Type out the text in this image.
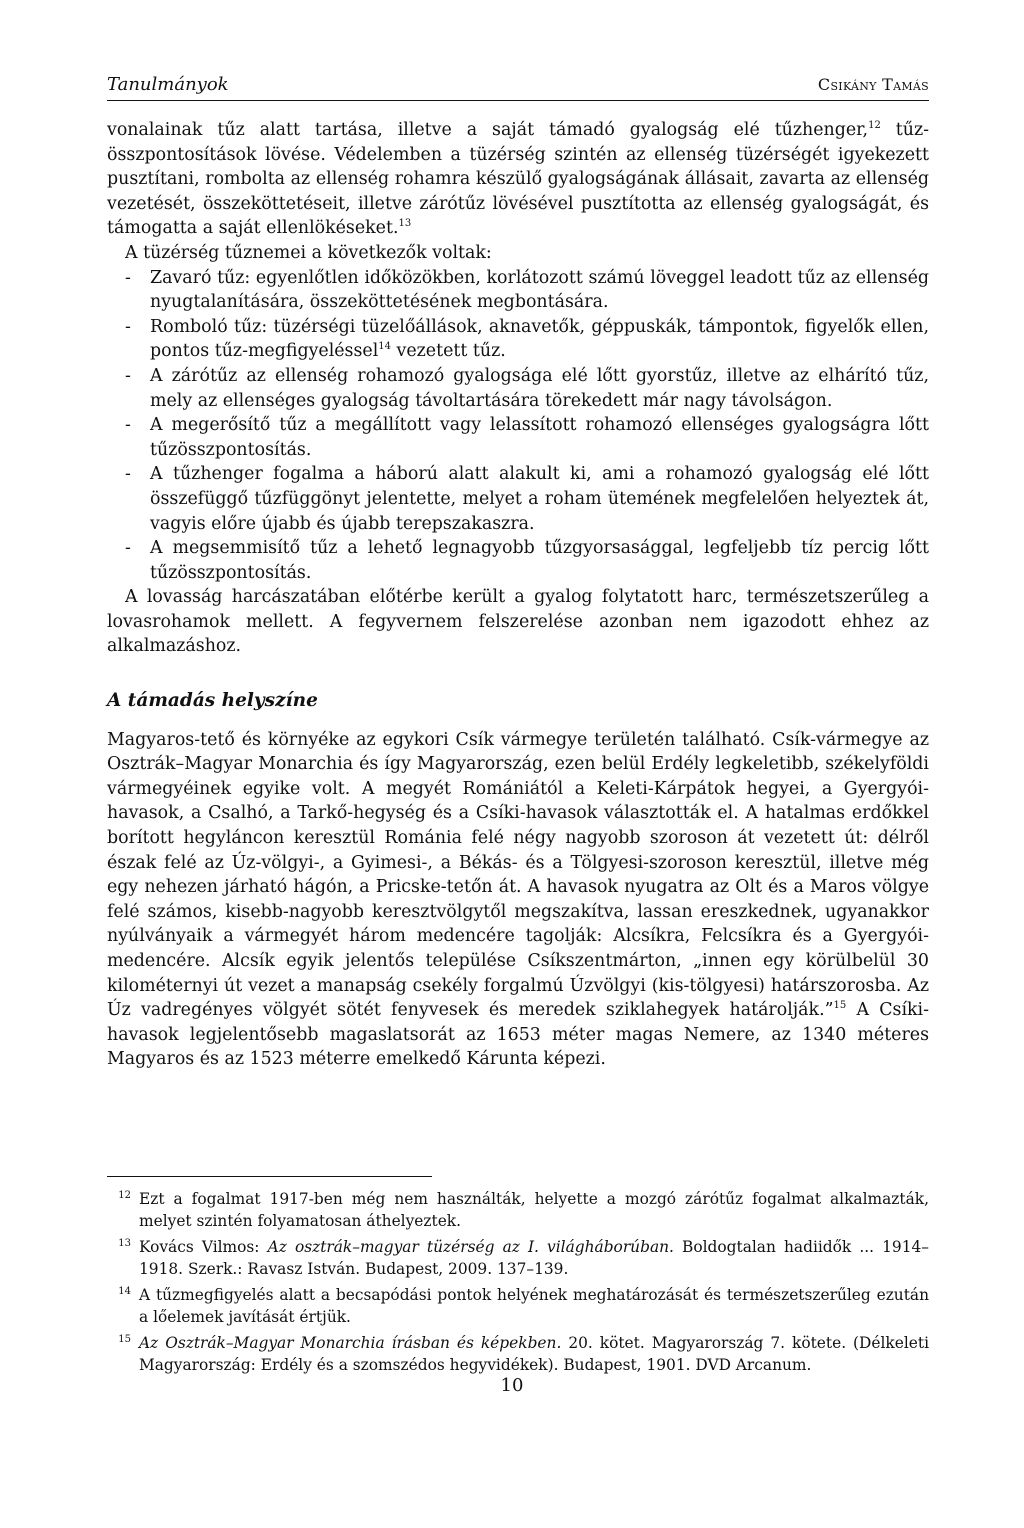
Tanulmányok	Csikány Tamás

vonalainak tűz alatt tartása, illetve a saját támadó gyalogság elé tűzhenger,$^{12}$ tűz-összpontosítások lövése. Védelemben a tüzérség szintén az ellenség tüzérségét igyekezett pusztítani, rombolta az ellenség rohamra készülő gyalogságának állásait, zavarta az ellenség vezetését, összeköttetéseit, illetve zárótűz lövésével pusztította az ellenség gyalogságát, és támogatta a saját ellenlökéseket.$^{13}$

A tüzérség tűznemei a következők voltak:

- Zavaró tűz: egyenlőtlen időközökben, korlátozott számú löveggel leadott tűz az ellenség nyugtalanítására, összeköttetésének megbontására.
- Romboló tűz: tüzérségi tüzelőállások, aknavetők, géppuskák, támpontok, figyelők ellen, pontos tűz-megfigyeléssel$^{14}$ vezetett tűz.
- A zárótűz az ellenség rohamozó gyalogsága elé lőtt gyorstűz, illetve az elhárító tűz, mely az ellenséges gyalogság távoltartására törekedett már nagy távolságon.
- A megerősítő tűz a megállított vagy lelassított rohamozó ellenséges gyalogságra lőtt tűzösszpontosítás.
- A tűzhenger fogalma a háború alatt alakult ki, ami a rohamozó gyalogság elé lőtt összefüggő tűzfüggönyt jelentette, melyet a roham ütemének megfelelően helyeztek át, vagyis előre újabb és újabb terepszakaszra.
- A megsemmisítő tűz a lehető legnagyobb tűzgyorsasággal, legfeljebb tíz percig lőtt tűzösszpontosítás.

A lovasság harcászatában előtérbe került a gyalog folytatott harc, természetszerűleg a lovasrohamok mellett. A fegyvernem felszerelése azonban nem igazodott ehhez az alkalmazáshoz.

A támadás helyszíne

Magyaros-tető és környéke az egykori Csík vármegye területén található. Csík-vármegye az Osztrák–Magyar Monarchia és így Magyarország, ezen belül Erdély legkeletibb, székelyföldi vármegyéinek egyike volt. A megyét Romániától a Keleti-Kárpátok hegyei, a Gyergyói-havasok, a Csalhó, a Tarkő-hegység és a Csíki-havasok választották el. A hatalmas erdőkkel borított hegyláncon keresztül Románia felé négy nagyobb szoroson át vezetett út: délről észak felé az Úz-völgyi-, a Gyimesi-, a Békás- és a Tölgyesi-szoroson keresztül, illetve még egy nehezen járható hágón, a Pricske-tetőn át. A havasok nyugatra az Olt és a Maros völgye felé számos, kisebb-nagyobb keresztvölgytől megszakítva, lassan ereszkednek, ugyanakkor nyúlványaik a vármegyét három medencére tagolják: Alcsíkra, Felcsíkra és a Gyergyói-medencére. Alcsík egyik jelentős települése Csíkszentmárton, „innen egy körülbelül 30 kilométernyi út vezet a manapság csekély forgalmú Úzvölgyi (kis-tölgyesi) határszorosba. Az Úz vadregényes völgyét sötét fenyvesek és meredek sziklahegyek határolják.”$^{15}$ A Csíki-havasok legjelentősebb magaslatsorát az 1653 méter magas Nemere, az 1340 méteres Magyaros és az 1523 méterre emelkedő Kárunta képezi.

12 Ezt a fogalmat 1917-ben még nem használták, helyette a mozgó zárótűz fogalmat alkalmazták, melyet szintén folyamatosan áthelyeztek.
13 Kovács Vilmos: Az osztrák–magyar tüzérség az I. világháborúban. Boldogtalan hadiidők ... 1914–1918. Szerk.: Ravasz István. Budapest, 2009. 137–139.
14 A tűzmegfigyelés alatt a becsapódási pontok helyének meghatározását és természetszerűleg ezután a lőelemek javítását értjük.
15 Az Osztrák–Magyar Monarchia írásban és képekben. 20. kötet. Magyarország 7. kötete. (Délkeleti Magyarország: Erdély és a szomszédos hegyvidékek). Budapest, 1901. DVD Arcanum.
10
